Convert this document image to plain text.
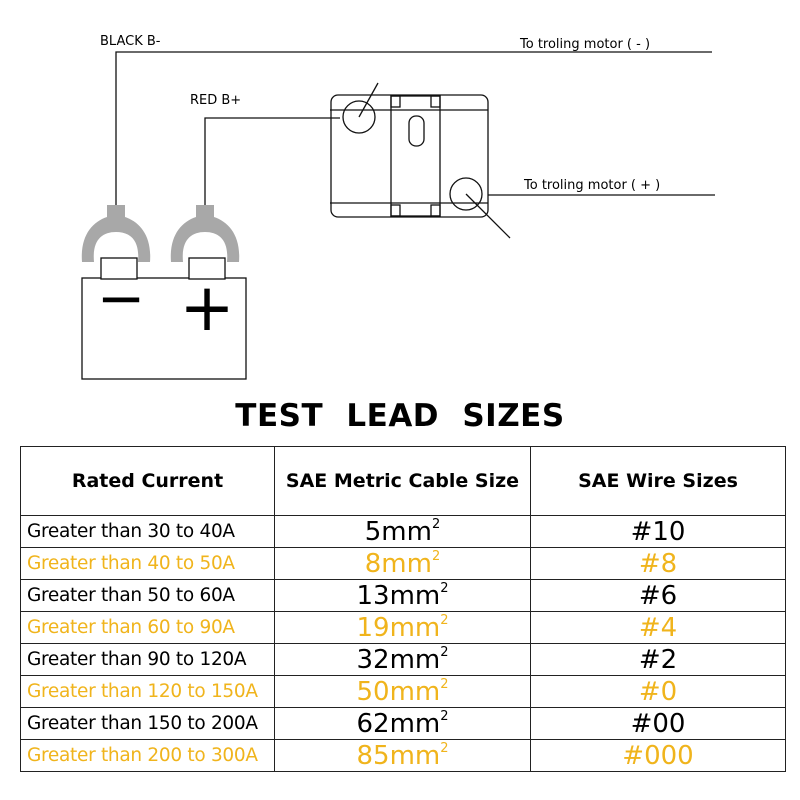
− +
BLACK B-
RED B+
To troling motor ( - )
To troling motor ( + )
TEST LEAD SIZES
Rated Current	SAE Metric Cable Size	SAE Wire Sizes
Greater than 30 to 40A	$5mm^2$	#10
Greater than 40 to 50A	$8mm^2$	#8
Greater than 50 to 60A	$13mm^2$	#6
Greater than 60 to 90A	$19mm^2$	#4
Greater than 90 to 120A	$32mm^2$	#2
Greater than 120 to 150A	$50mm^2$	#0
Greater than 150 to 200A	$62mm^2$	#00
Greater than 200 to 300A	$85mm^2$	#000
